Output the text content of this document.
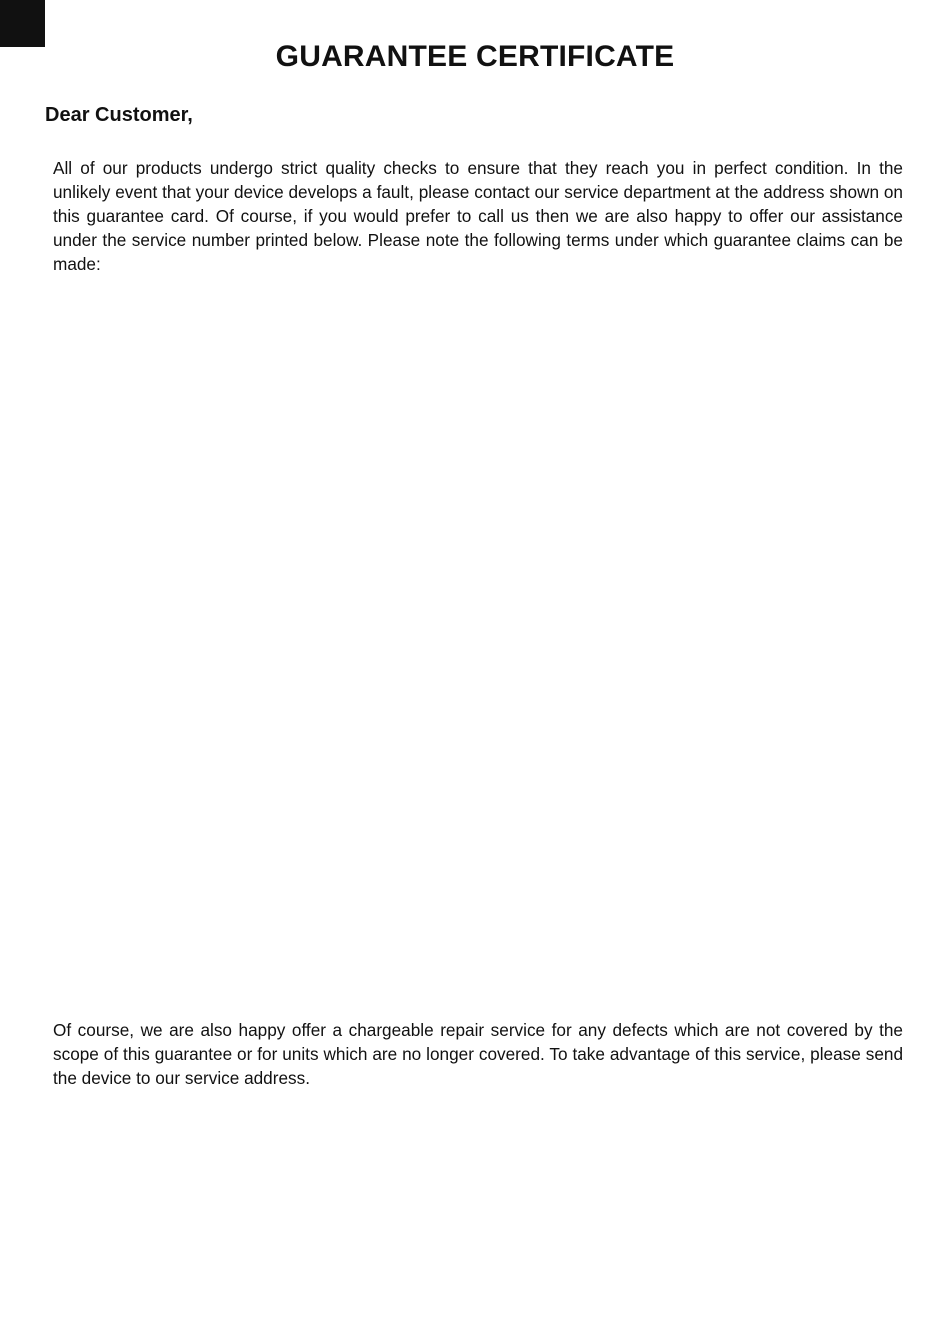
GUARANTEE CERTIFICATE

Dear Customer,

All of our products undergo strict quality checks to ensure that they reach you in perfect condition. In the unlikely event that your device develops a fault, please contact our service department at the address shown on this guarantee card. Of course, if you would prefer to call us then we are also happy to offer our assistance under the service number printed below. Please note the following terms under which guarantee claims can be made:

Of course, we are also happy offer a chargeable repair service for any defects which are not covered by the scope of this guarantee or for units which are no longer covered. To take advantage of this service, please send the device to our service address.
